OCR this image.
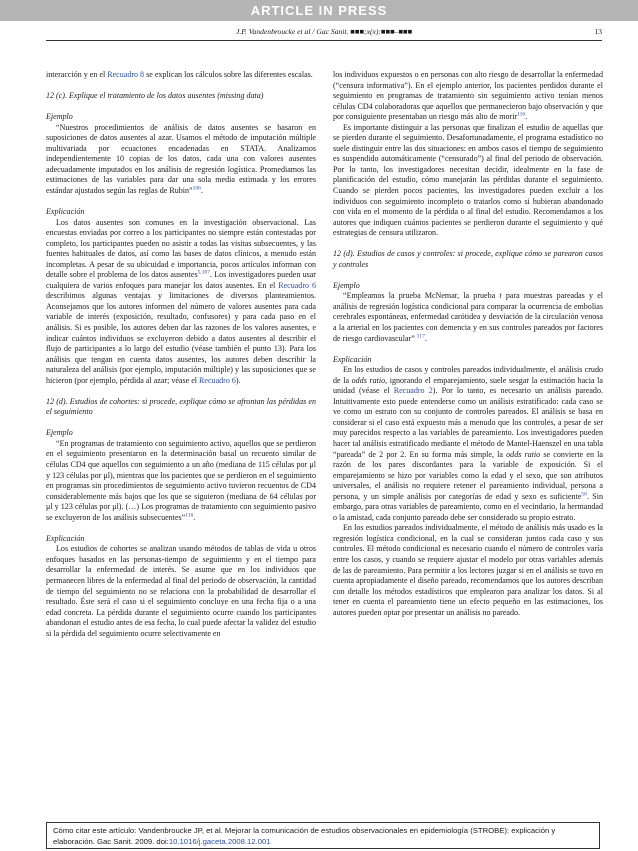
ARTICLE IN PRESS
J.P. Vandenbroucke et al / Gac Sanit. ■■■;x(x):■■■–■■■	13

interacción y en el Recuadro 8 se explican los cálculos sobre las diferentes escalas.

12 (c). Explique el tratamiento de los datos ausentes (missing data)

Ejemplo

“Nuestros procedimientos de análisis de datos ausentes se basaron en suposiciones de datos ausentes al azar. Usamos el método de imputación múltiple multivariada por ecuaciones encadenadas en STATA. Analizamos independientemente 10 copias de los datos, cada una con valores ausentes adecuadamente imputados en los análisis de regresión logística. Promediamos las estimaciones de las variables para dar una sola media estimada y los errores estándar ajustados según las reglas de Rubin”$^{106}$.

Explicación

Los datos ausentes son comunes en la investigación observacional. Las encuestas enviadas por correo a los participantes no siempre están contestadas por completo, los participantes pueden no asistir a todas las visitas subsecuentes, y las fuentes habituales de datos, así como las bases de datos clínicos, a menudo están incompletas. A pesar de su ubicuidad e importancia, pocos artículos informan con detalle sobre el problema de los datos ausentes$^{5,107}$. Los investigadores pueden usar cualquiera de varios enfoques para manejar los datos ausentes. En el Recuadro 6 describimos algunas ventajas y limitaciones de diversos planteamientos. Aconsejamos que los autores informen del número de valores ausentes para cada variable de interés (exposición, resultado, confusores) y para cada paso en el análisis. Si es posible, los autores deben dar las razones de los valores ausentes, e indicar cuántos individuos se excluyeron debido a datos ausentes al describir el flujo de participantes a lo largo del estudio (véase también el punto 13). Para los análisis que tengan en cuenta datos ausentes, los autores deben describir la naturaleza del análisis (por ejemplo, imputación múltiple) y las suposiciones que se hicieron (por ejemplo, pérdida al azar; véase el Recuadro 6).

12 (d). Estudios de cohortes: si procede, explique cómo se afrontan las pérdidas en el seguimiento

Ejemplo

“En programas de tratamiento con seguimiento activo, aquellos que se perdieron en el seguimiento presentaron en la determinación basal un recuento similar de células CD4 que aquellos con seguimiento a un año (mediana de 115 células por μl y 123 células por μl), mientras que los pacientes que se perdieron en el seguimiento en programas sin procedimientos de seguimiento activo tuvieron recuentos de CD4 considerablemente más bajos que los que se siguieron (mediana de 64 células por μl y 123 células por μl). (…) Los programas de tratamiento con seguimiento pasivo se excluyeron de los análisis subsecuentes”$^{116}$.

Explicación

Los estudios de cohortes se analizan usando métodos de tablas de vida u otros enfoques basados en las personas-tiempo de seguimiento y en el tiempo para desarrollar la enfermedad de interés. Se asume que en los individuos que permanecen libres de la enfermedad al final del periodo de observación, la cantidad de tiempo del seguimiento no se relaciona con la probabilidad de desarrollar el resultado. Éste será el caso si el seguimiento concluye en una fecha fija o a una edad concreta. La pérdida durante el seguimiento ocurre cuando los participantes abandonan el estudio antes de esa fecha, lo cual puede afectar la validez del estudio si la pérdida del seguimiento ocurre selectivamente en

los individuos expuestos o en personas con alto riesgo de desarrollar la enfermedad (“censura informativa”). En el ejemplo anterior, los pacientes perdidos durante el seguimiento en programas de tratamiento sin seguimiento activo tenían menos células CD4 colaboradoras que aquellos que permanecieron bajo observación y que por consiguiente presentaban un riesgo más alto de morir$^{116}$.

Es importante distinguir a las personas que finalizan el estudio de aquellas que se pierden durante el seguimiento. Desafortunadamente, el programa estadístico no suele distinguir entre las dos situaciones: en ambos casos el tiempo de seguimiento es suspendido automáticamente (“censurado”) al final del periodo de observación. Por lo tanto, los investigadores necesitan decidir, idealmente en la fase de planificación del estudio, cómo manejarán las pérdidas durante el seguimiento. Cuando se pierden pocos pacientes, los investigadores pueden excluir a los individuos con seguimiento incompleto o tratarlos como si hubieran abandonado con vida en el momento de la pérdida o al final del estudio. Recomendamos a los autores que indiquen cuántos pacientes se perdieron durante el seguimiento y qué estrategias de censura utilizaron.

12 (d). Estudios de casos y controles: si procede, explique cómo se parearon casos y controles

Ejemplo

“Empleamos la prueba McNemar, la prueba t para muestras pareadas y el análisis de regresión logística condicional para comparar la ocurrencia de embolias cerebrales espontáneas, enfermedad carótidea y desviación de la circulación venosa a la arterial en los pacientes con demencia y en sus controles pareados por factores de riesgo cardiovascular” $^{117}$.

Explicación

En los estudios de casos y controles pareados individualmente, el análisis crudo de la odds ratio, ignorando el emparejamiento, suele sesgar la estimación hacia la unidad (véase el Recuadro 2). Por lo tanto, es necesario un análisis pareado. Intuitivamente esto puede entenderse como un análisis estratificado: cada caso se ve como un estrato con su conjunto de controles pareados. El análisis se basa en considerar si el caso está expuesto más a menudo que los controles, a pesar de ser muy parecidos respecto a las variables de pareamiento. Los investigadores pueden hacer tal análisis estratificado mediante el método de Mantel-Haenszel en una tabla “pareada” de 2 por 2. En su forma más simple, la odds ratio se convierte en la razón de los pares discordantes para la variable de exposición. Si el emparejamiento se hizo por variables como la edad y el sexo, que son atributos universales, el análisis no requiere retener el pareamiento individual, persona a persona, y un simple análisis por categorías de edad y sexo es suficiente$^{50}$. Sin embargo, para otras variables de pareamiento, como en el vecindario, la hermandad o la amistad, cada conjunto pareado debe ser considerado su propio estrato.

En los estudios pareados individualmente, el método de análisis más usado es la regresión logística condicional, en la cual se consideran juntos cada caso y sus controles. El método condicional es necesario cuando el número de controles varía entre los casos, y cuando se requiere ajustar el modelo por otras variables además de las de pareamiento. Para permitir a los lectores juzgar si en el análisis se tuvo en cuenta apropiadamente el diseño pareado, recomendamos que los autores describan con detalle los métodos estadísticos que emplearon para analizar los datos. Si al tener en cuenta el pareamiento tiene un efecto pequeño en las estimaciones, los autores pueden optar por presentar un análisis no pareado.

Cómo citar este artículo: Vandenbroucke JP, et al. Mejorar la comunicación de estudios observacionales en epidemiología (STROBE): explicación y elaboración. Gac Sanit. 2009. doi:10.1016/j.gaceta.2008.12.001
